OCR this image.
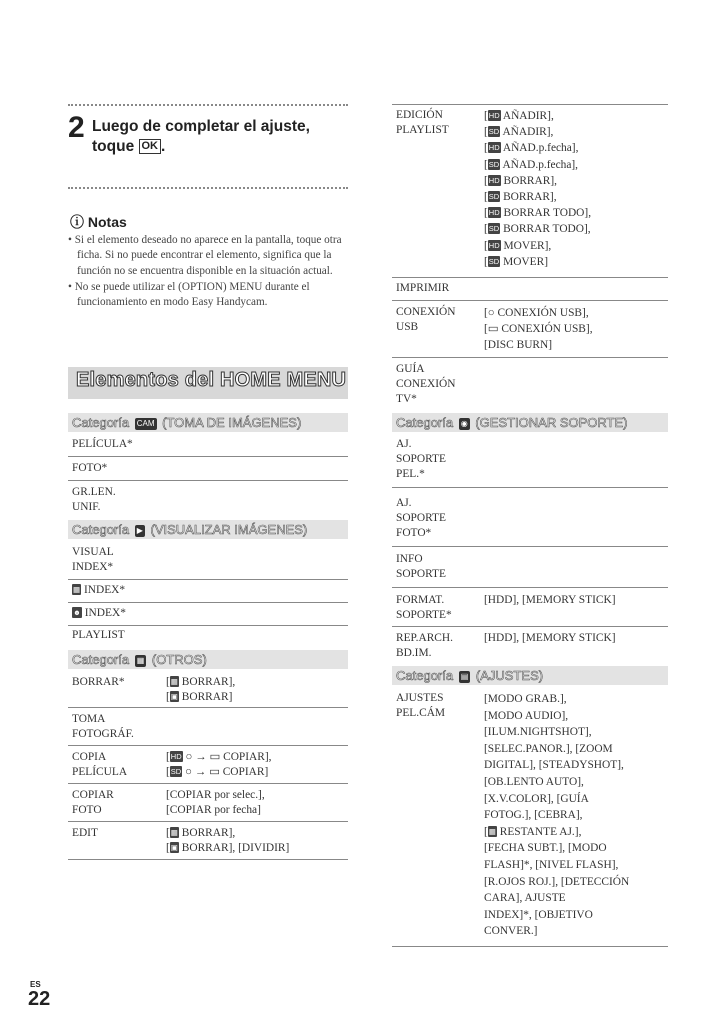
2 Luego de completar el ajuste,
toque OK .
ⓘ Notas

• Si el elemento deseado no aparece en la pantalla, toque otra ficha. Si no puede encontrar el elemento, significa que la función no se encuentra disponible en la situación actual.

• No se puede utilizar el (OPTION) MENU durante el funcionamiento en modo Easy Handycam.

Elementos del HOME MENU
Categoría CAM (TOMA DE IMÁGENES)
PELÍCULA*
FOTO*
GR.LEN.
UNIF.
Categoría ▶ (VISUALIZAR IMÁGENES)
VISUAL
INDEX*
▦ INDEX*
☻ INDEX*
PLAYLIST
Categoría ▦ (OTROS)
BORRAR*	[▦ BORRAR],
[▣ BORRAR]
TOMA
FOTOGRÁF.
COPIA
PELÍCULA
[HD ○ → ▭ COPIAR],
[SD ○ → ▭ COPIAR]
COPIAR
FOTO
[COPIAR por selec.],
[COPIAR por fecha]
EDIT	[▦ BORRAR],
[▣ BORRAR], [DIVIDIR]
EDICIÓN
PLAYLIST
[HD AÑADIR],
[SD AÑADIR],
[HD AÑAD.p.fecha],
[SD AÑAD.p.fecha],
[HD BORRAR],
[SD BORRAR],
[HD BORRAR TODO],
[SD BORRAR TODO],
[HD MOVER],
[SD MOVER]
IMPRIMIR
CONEXIÓN
USB
[○ CONEXIÓN USB],
[▭ CONEXIÓN USB],
[DISC BURN]
GUÍA
CONEXIÓN
TV*
Categoría ◉ (GESTIONAR SOPORTE)
AJ.
SOPORTE
PEL.*
AJ.
SOPORTE
FOTO*
INFO
SOPORTE
FORMAT.
SOPORTE*
[HDD], [MEMORY STICK]
REP.ARCH.
BD.IM.
[HDD], [MEMORY STICK]
Categoría ▤ (AJUSTES)
AJUSTES
PEL.CÁM
[MODO GRAB.],
[MODO AUDIO],
[ILUM.NIGHTSHOT],
[SELEC.PANOR.], [ZOOM
DIGITAL], [STEADYSHOT],
[OB.LENTO AUTO],
[X.V.COLOR], [GUÍA
FOTOG.], [CEBRA],
[▦ RESTANTE AJ.],
[FECHA SUBT.], [MODO
FLASH]*, [NIVEL FLASH],
[R.OJOS ROJ.], [DETECCIÓN
CARA], AJUSTE
INDEX]*, [OBJETIVO
CONVER.]
ES
22
